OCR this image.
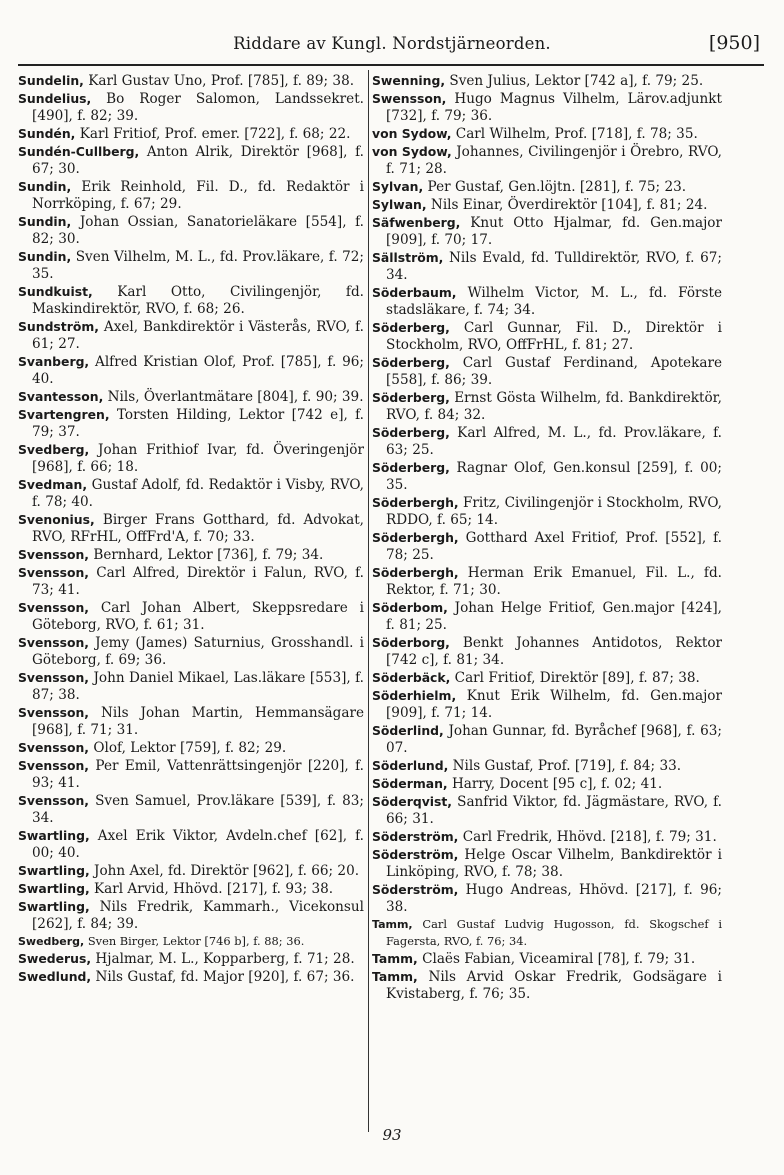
Riddare av Kungl. Nordstjärneorden.	[950]

Sundelin, Karl Gustav Uno, Prof. [785], f. 89; 38.

Sundelius, Bo Roger Salomon, Landssekret. [490], f. 82; 39.

Sundén, Karl Fritiof, Prof. emer. [722], f. 68; 22.

Sundén-Cullberg, Anton Alrik, Direktör [968], f. 67; 30.

Sundin, Erik Reinhold, Fil. D., fd. Redaktör i Norrköping, f. 67; 29.

Sundin, Johan Ossian, Sanatorieläkare [554], f. 82; 30.

Sundin, Sven Vilhelm, M. L., fd. Prov.läkare, f. 72; 35.

Sundkuist, Karl Otto, Civilingenjör, fd. Maskindirektör, RVO, f. 68; 26.

Sundström, Axel, Bankdirektör i Västerås, RVO, f. 61; 27.

Svanberg, Alfred Kristian Olof, Prof. [785], f. 96; 40.

Svantesson, Nils, Överlantmätare [804], f. 90; 39.

Svartengren, Torsten Hilding, Lektor [742 e], f. 79; 37.

Svedberg, Johan Frithiof Ivar, fd. Överingenjör [968], f. 66; 18.

Svedman, Gustaf Adolf, fd. Redaktör i Visby, RVO, f. 78; 40.

Svenonius, Birger Frans Gotthard, fd. Advokat, RVO, RFrHL, OffFrd'A, f. 70; 33.

Svensson, Bernhard, Lektor [736], f. 79; 34.

Svensson, Carl Alfred, Direktör i Falun, RVO, f. 73; 41.

Svensson, Carl Johan Albert, Skeppsredare i Göteborg, RVO, f. 61; 31.

Svensson, Jemy (James) Saturnius, Grosshandl. i Göteborg, f. 69; 36.

Svensson, John Daniel Mikael, Las.läkare [553], f. 87; 38.

Svensson, Nils Johan Martin, Hemmansägare [968], f. 71; 31.

Svensson, Olof, Lektor [759], f. 82; 29.

Svensson, Per Emil, Vattenrättsingenjör [220], f. 93; 41.

Svensson, Sven Samuel, Prov.läkare [539], f. 83; 34.

Swartling, Axel Erik Viktor, Avdeln.chef [62], f. 00; 40.

Swartling, John Axel, fd. Direktör [962], f. 66; 20.

Swartling, Karl Arvid, Hhövd. [217], f. 93; 38.

Swartling, Nils Fredrik, Kammarh., Vicekonsul [262], f. 84; 39.

Swedberg, Sven Birger, Lektor [746 b], f. 88; 36.

Swederus, Hjalmar, M. L., Kopparberg, f. 71; 28.

Swedlund, Nils Gustaf, fd. Major [920], f. 67; 36.

Swenning, Sven Julius, Lektor [742 a], f. 79; 25.

Swensson, Hugo Magnus Vilhelm, Lärov.adjunkt [732], f. 79; 36.

von Sydow, Carl Wilhelm, Prof. [718], f. 78; 35.

von Sydow, Johannes, Civilingenjör i Örebro, RVO, f. 71; 28.

Sylvan, Per Gustaf, Gen.löjtn. [281], f. 75; 23.

Sylwan, Nils Einar, Överdirektör [104], f. 81; 24.

Säfwenberg, Knut Otto Hjalmar, fd. Gen.major [909], f. 70; 17.

Sällström, Nils Evald, fd. Tulldirektör, RVO, f. 67; 34.

Söderbaum, Wilhelm Victor, M. L., fd. Förste stadsläkare, f. 74; 34.

Söderberg, Carl Gunnar, Fil. D., Direktör i Stockholm, RVO, OffFrHL, f. 81; 27.

Söderberg, Carl Gustaf Ferdinand, Apotekare [558], f. 86; 39.

Söderberg, Ernst Gösta Wilhelm, fd. Bankdirektör, RVO, f. 84; 32.

Söderberg, Karl Alfred, M. L., fd. Prov.läkare, f. 63; 25.

Söderberg, Ragnar Olof, Gen.konsul [259], f. 00; 35.

Söderbergh, Fritz, Civilingenjör i Stockholm, RVO, RDDO, f. 65; 14.

Söderbergh, Gotthard Axel Fritiof, Prof. [552], f. 78; 25.

Söderbergh, Herman Erik Emanuel, Fil. L., fd. Rektor, f. 71; 30.

Söderbom, Johan Helge Fritiof, Gen.major [424], f. 81; 25.

Söderborg, Benkt Johannes Antidotos, Rektor [742 c], f. 81; 34.

Söderbäck, Carl Fritiof, Direktör [89], f. 87; 38.

Söderhielm, Knut Erik Wilhelm, fd. Gen.major [909], f. 71; 14.

Söderlind, Johan Gunnar, fd. Byråchef [968], f. 63; 07.

Söderlund, Nils Gustaf, Prof. [719], f. 84; 33.

Söderman, Harry, Docent [95 c], f. 02; 41.

Söderqvist, Sanfrid Viktor, fd. Jägmästare, RVO, f. 66; 31.

Söderström, Carl Fredrik, Hhövd. [218], f. 79; 31.

Söderström, Helge Oscar Vilhelm, Bankdirektör i Linköping, RVO, f. 78; 38.

Söderström, Hugo Andreas, Hhövd. [217], f. 96; 38.

Tamm, Carl Gustaf Ludvig Hugosson, fd. Skogschef i Fagersta, RVO, f. 76; 34.

Tamm, Claës Fabian, Viceamiral [78], f. 79; 31.

Tamm, Nils Arvid Oskar Fredrik, Godsägare i Kvistaberg, f. 76; 35.

93
